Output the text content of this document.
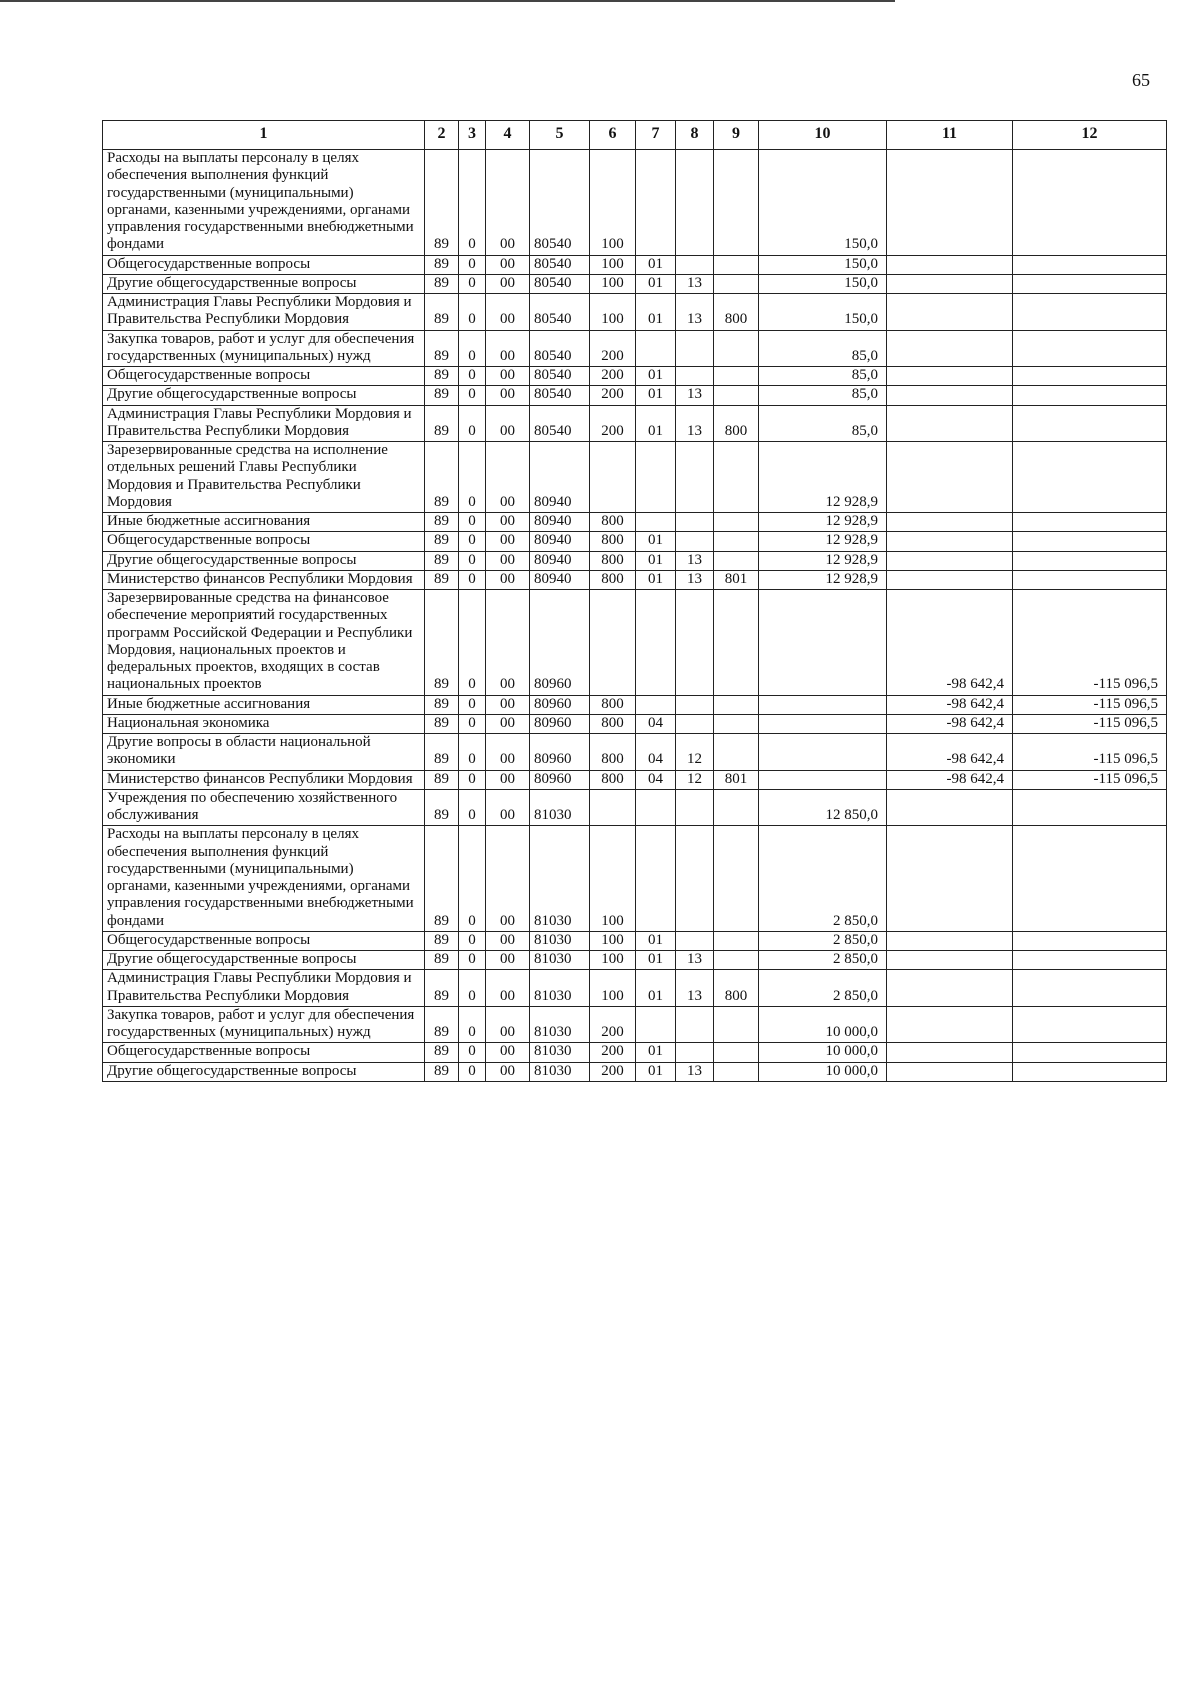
65
1	2	3	4	5	6	7	8	9	10	11	12
Расходы на выплаты персоналу в целях обеспечения выполнения функций государственными (муниципальными) органами, казенными учреждениями, органами управления государственными внебюджетными фондами	89	0	00	80540	100				150,0		
Общегосударственные вопросы	89	0	00	80540	100	01			150,0		
Другие общегосударственные вопросы	89	0	00	80540	100	01	13		150,0		
Администрация Главы Республики Мордовия и Правительства Республики Мордовия	89	0	00	80540	100	01	13	800	150,0		
Закупка товаров, работ и услуг для обеспечения государственных (муниципальных) нужд	89	0	00	80540	200				85,0		
Общегосударственные вопросы	89	0	00	80540	200	01			85,0		
Другие общегосударственные вопросы	89	0	00	80540	200	01	13		85,0		
Администрация Главы Республики Мордовия и Правительства Республики Мордовия	89	0	00	80540	200	01	13	800	85,0		
Зарезервированные средства на исполнение отдельных решений Главы Республики Мордовия и Правительства Республики Мордовия	89	0	00	80940					12 928,9		
Иные бюджетные ассигнования	89	0	00	80940	800				12 928,9		
Общегосударственные вопросы	89	0	00	80940	800	01			12 928,9		
Другие общегосударственные вопросы	89	0	00	80940	800	01	13		12 928,9		
Министерство финансов Республики Мордовия	89	0	00	80940	800	01	13	801	12 928,9		
Зарезервированные средства на финансовое обеспечение мероприятий государственных программ Российской Федерации и Республики Мордовия, национальных проектов и федеральных проектов, входящих в состав национальных проектов	89	0	00	80960						-98 642,4	-115 096,5
Иные бюджетные ассигнования	89	0	00	80960	800					-98 642,4	-115 096,5
Национальная экономика	89	0	00	80960	800	04				-98 642,4	-115 096,5
Другие вопросы в области национальной экономики	89	0	00	80960	800	04	12			-98 642,4	-115 096,5
Министерство финансов Республики Мордовия	89	0	00	80960	800	04	12	801		-98 642,4	-115 096,5
Учреждения по обеспечению хозяйственного обслуживания	89	0	00	81030					12 850,0		
Расходы на выплаты персоналу в целях обеспечения выполнения функций государственными (муниципальными) органами, казенными учреждениями, органами управления государственными внебюджетными фондами	89	0	00	81030	100				2 850,0		
Общегосударственные вопросы	89	0	00	81030	100	01			2 850,0		
Другие общегосударственные вопросы	89	0	00	81030	100	01	13		2 850,0		
Администрация Главы Республики Мордовия и Правительства Республики Мордовия	89	0	00	81030	100	01	13	800	2 850,0		
Закупка товаров, работ и услуг для обеспечения государственных (муниципальных) нужд	89	0	00	81030	200				10 000,0		
Общегосударственные вопросы	89	0	00	81030	200	01			10 000,0		
Другие общегосударственные вопросы	89	0	00	81030	200	01	13		10 000,0		
